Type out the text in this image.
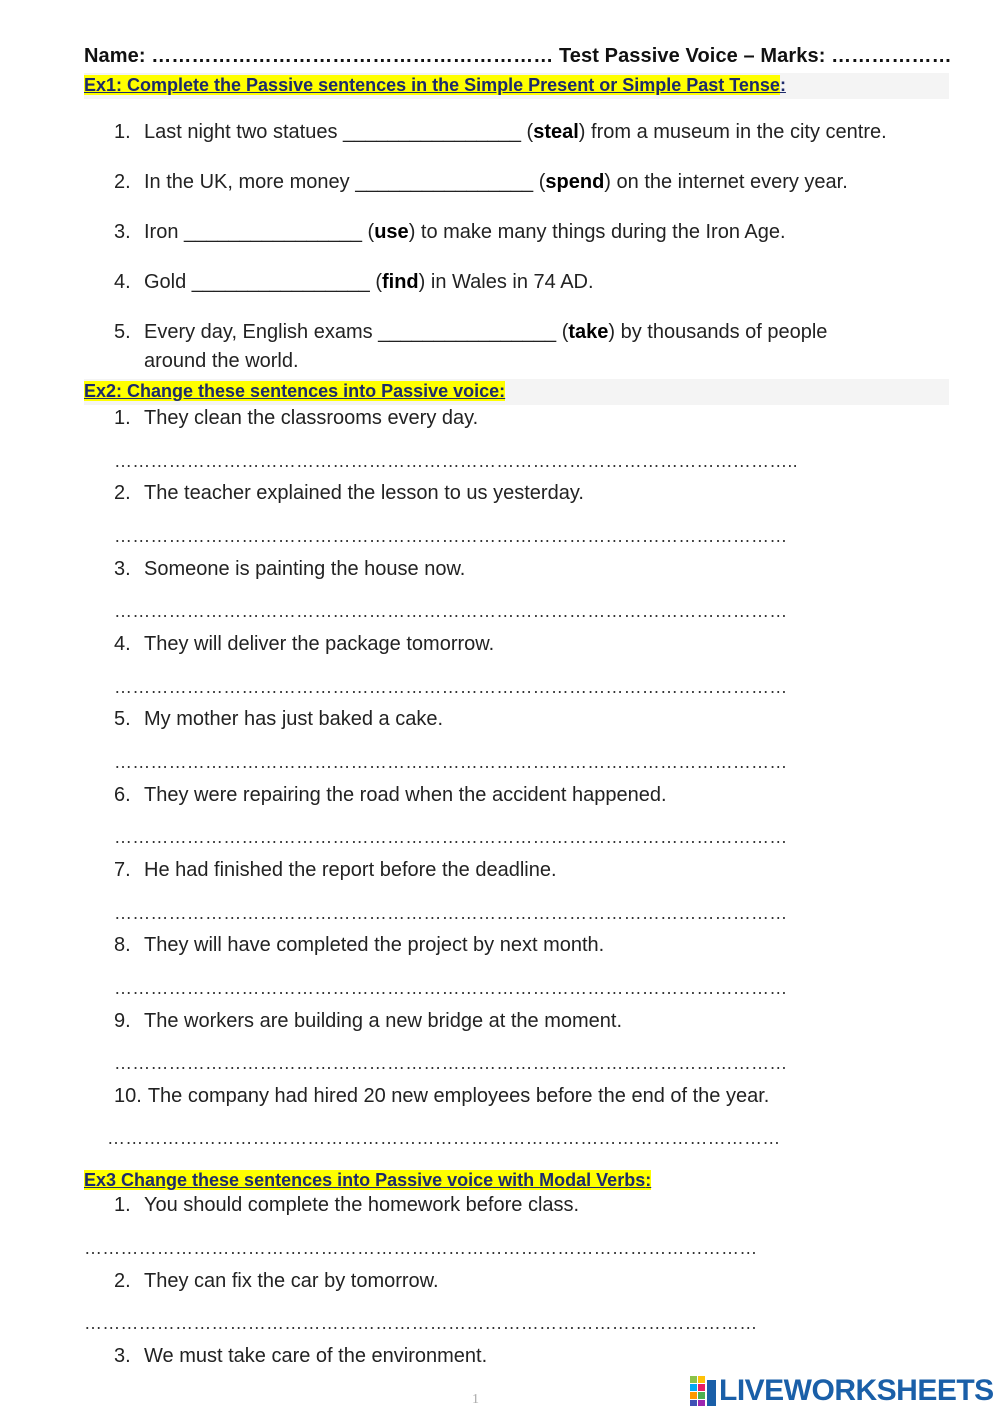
Name: …………………………………………………… Test Passive Voice – Marks: ………………
Ex1: Complete the Passive sentences in the Simple Present or Simple Past Tense:
1. Last night two statues ________________ (steal) from a museum in the city centre.
2. In the UK, more money ________________ (spend) on the internet every year.
3. Iron ________________ (use) to make many things during the Iron Age.
4. Gold ________________ (find) in Wales in 74 AD.
5. Every day, English exams ________________ (take) by thousands of people
around the world.
Ex2: Change these sentences into Passive voice:
1. They clean the classrooms every day.
…………………………………………………………………………………………………..
2. The teacher explained the lesson to us yesterday.
…………………………………………………………………………………………………
3. Someone is painting the house now.
…………………………………………………………………………………………………
4. They will deliver the package tomorrow.
…………………………………………………………………………………………………
5. My mother has just baked a cake.
…………………………………………………………………………………………………
6. They were repairing the road when the accident happened.
…………………………………………………………………………………………………
7. He had finished the report before the deadline.
…………………………………………………………………………………………………
8. They will have completed the project by next month.
…………………………………………………………………………………………………
9. The workers are building a new bridge at the moment.
…………………………………………………………………………………………………
10. The company had hired 20 new employees before the end of the year.
…………………………………………………………………………………………………
Ex3 Change these sentences into Passive voice with Modal Verbs:
1. You should complete the homework before class.
…………………………………………………………………………………………………
2. They can fix the car by tomorrow.
…………………………………………………………………………………………………
3. We must take care of the environment.
1	LIVEWORKSHEETS
